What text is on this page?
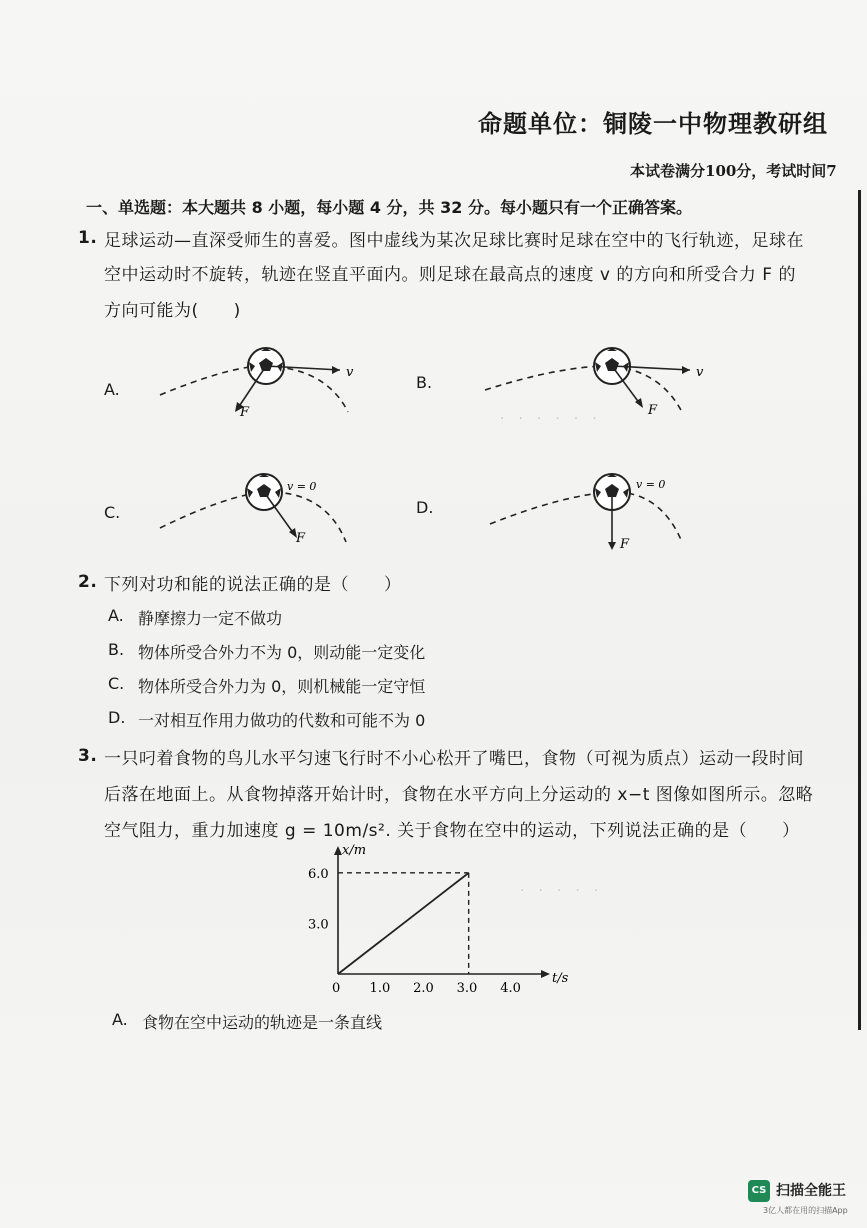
·　·　·　·　·　·
·　·　·　·　·
命题单位：铜陵一中物理教研组
本试卷满分100分，考试时间7
一、单选题：本大题共 8 小题，每小题 4 分，共 32 分。每小题只有一个正确答案。
1. 足球运动—直深受师生的喜爱。图中虚线为某次足球比赛时足球在空中的飞行轨迹，足球在
空中运动时不旋转，轨迹在竖直平面内。则足球在最高点的速度 v 的方向和所受合力 F 的
方向可能为(　　)
A.
v
F
B.
v
F
C.
v = 0
F
D.
v = 0
F
2. 下列对功和能的说法正确的是（　　）
A. 静摩擦力一定不做功
B. 物体所受合外力不为 0，则动能一定变化
C. 物体所受合外力为 0，则机械能一定守恒
D. 一对相互作用力做功的代数和可能不为 0
3. 一只叼着食物的鸟儿水平匀速飞行时不小心松开了嘴巴，食物（可视为质点）运动一段时间
后落在地面上。从食物掉落开始计时，食物在水平方向上分运动的 x−t 图像如图所示。忽略
空气阻力，重力加速度 g = 10m/s². 关于食物在空中的运动，下列说法正确的是（　　）
x/m
t/s
0 1.0 2.0 3.0 4.0
3.0
6.0
A. 食物在空中运动的轨迹是一条直线
CS 扫描全能王
3亿人都在用的扫描App
